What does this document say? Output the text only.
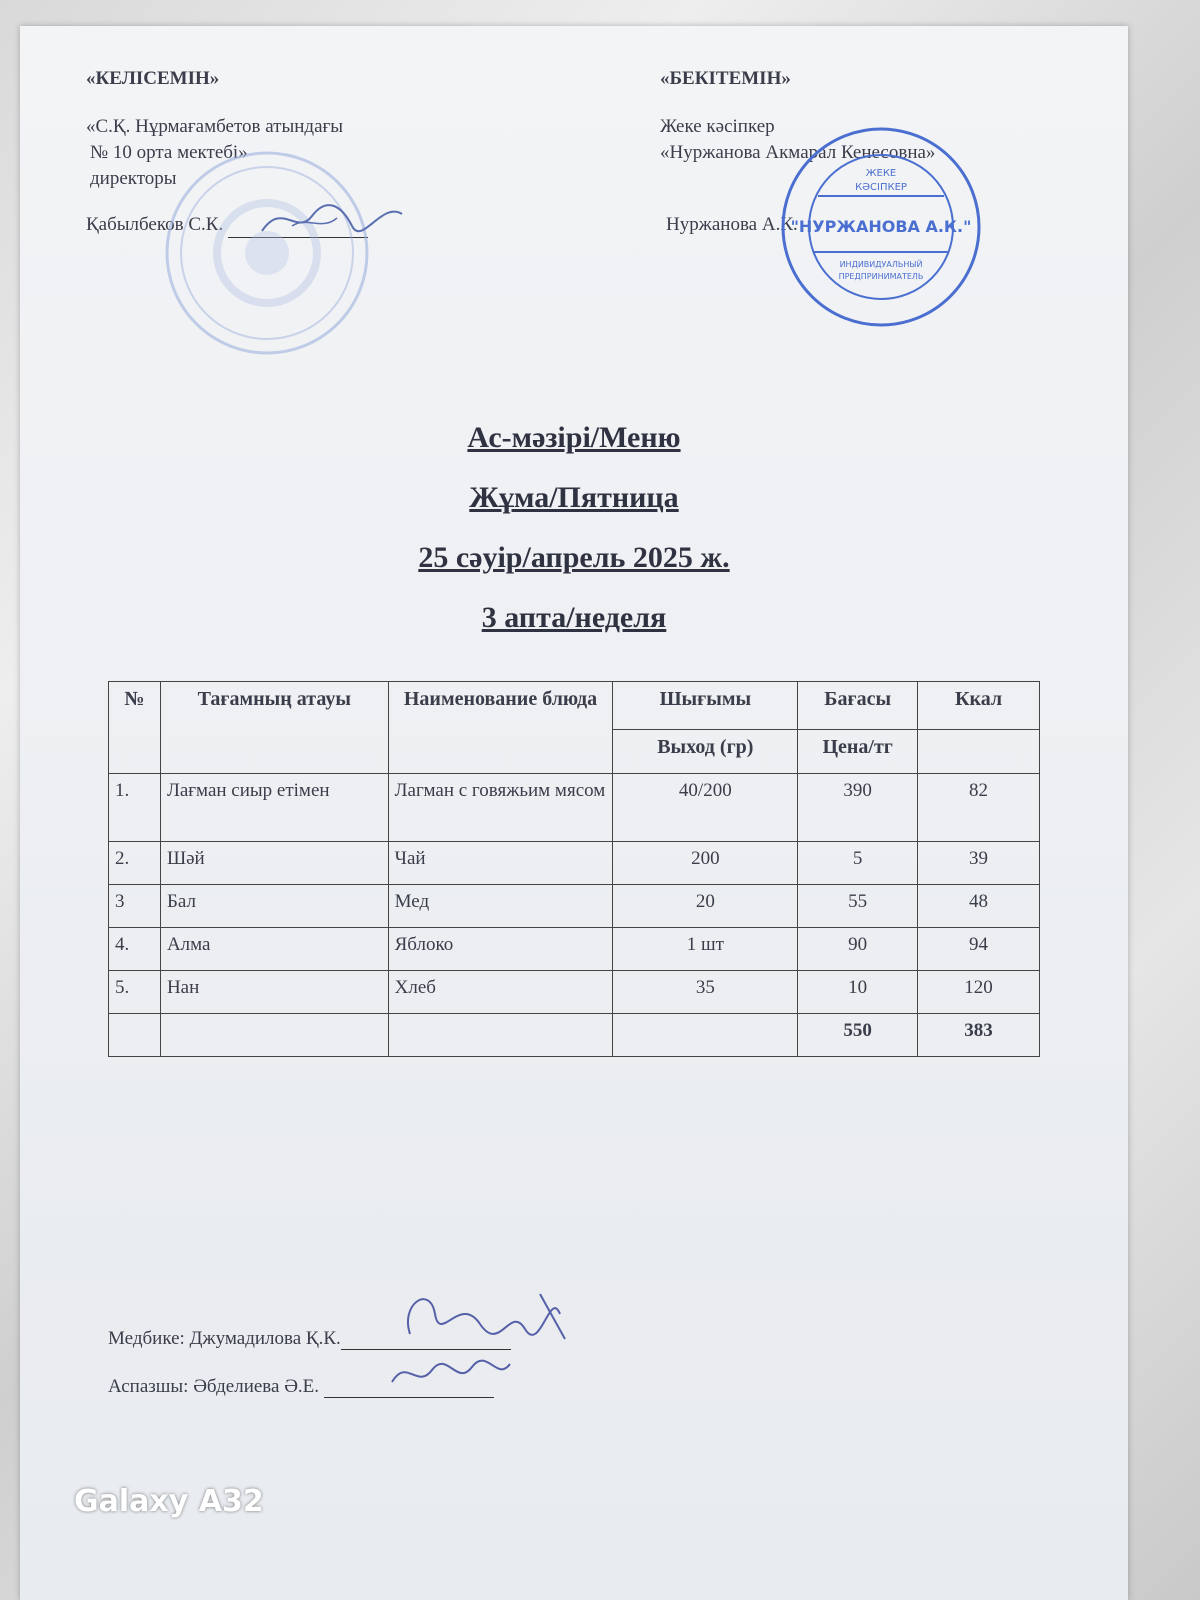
«КЕЛІСЕМІН»
«С.Қ. Нұрмағамбетов атындағы
№ 10 орта мектебі»
директоры
Қабылбеков С.К.
«БЕКІТЕМІН»
Жеке кәсіпкер
«Нуржанова Акмарал Кенесовна»
Нуржанова А.К.
ЖЕКЕ
КӘСІПКЕР
"НУРЖАНОВА А.К."
ИНДИВИДУАЛЬНЫЙ
ПРЕДПРИНИМАТЕЛЬ
Ас-мәзірі/Меню
Жұма/Пятница
25 сәуір/апрель 2025 ж.
3 апта/неделя
№	Тағамның атауы	Наименование блюда	Шығымы	Бағасы	Ккал
			Выход (гр)	Цена/тг	
1.	Лағман сиыр етімен	Лагман с говяжьим мясом	40/200	390	82
2.	Шәй	Чай	200	5	39
3	Бал	Мед	20	55	48
4.	Алма	Яблоко	1 шт	90	94
5.	Нан	Хлеб	35	10	120
				550	383
Медбике: Джумадилова Қ.К.
Аспазшы: Әбделиева Ә.Е.
Galaxy A32
